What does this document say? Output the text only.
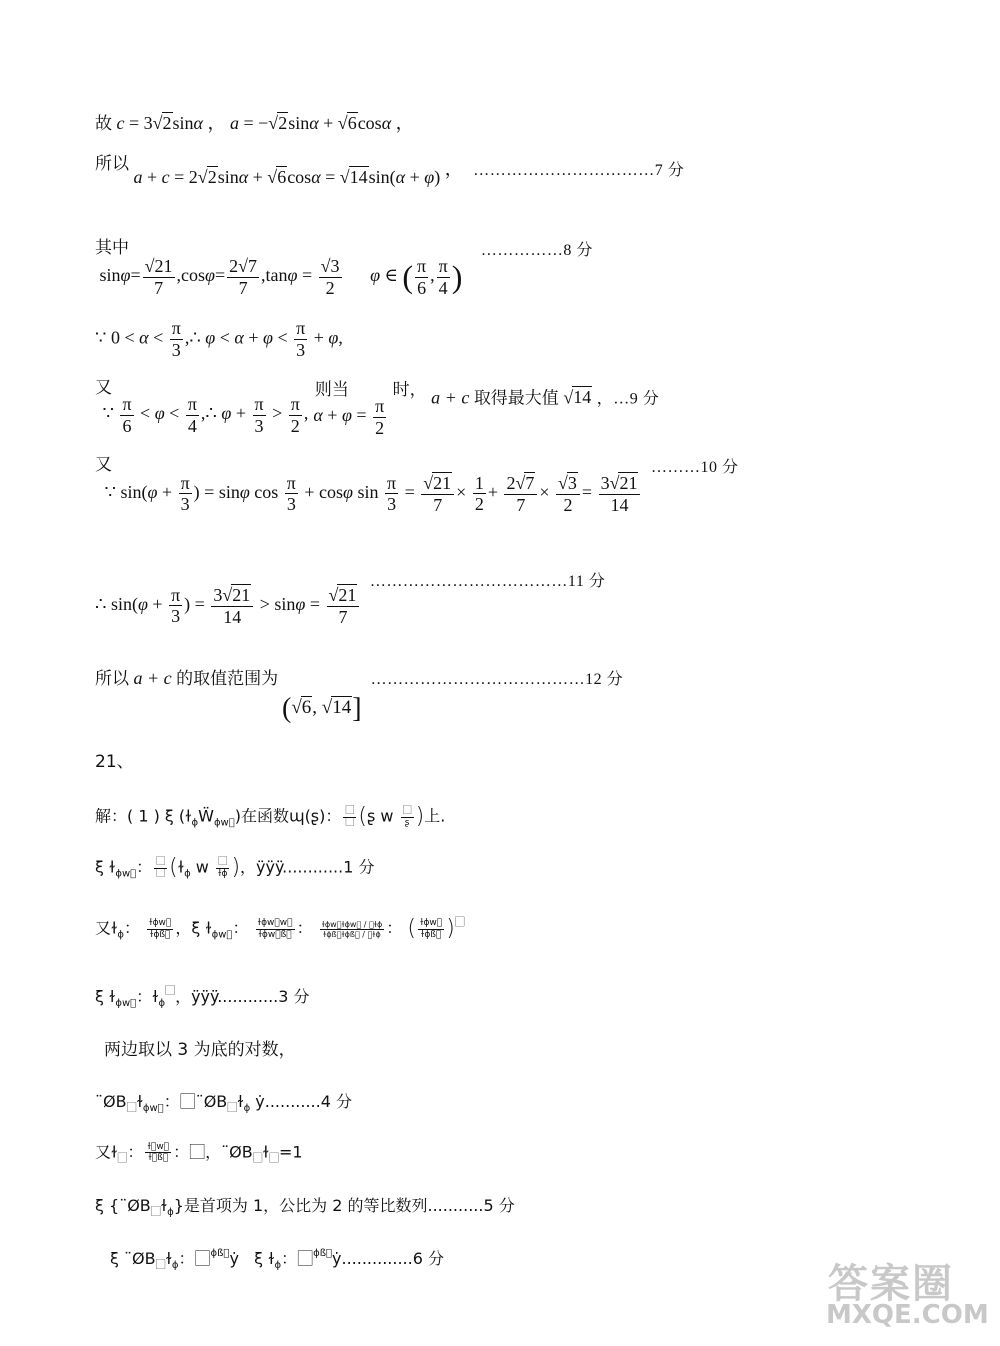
故 c = 3√2sinα ， a = −√2sinα + √6cosα ，
所以 a + c = 2√2sinα + √6cosα = √14sin(α + φ) ， ……………………………7 分
其中 $\sin\varphi= \frac{√21}{7} ,\cos\varphi= \frac{2√7}{7} ,\tan\varphi = \frac{√3}{2}$ φ ∈ ( $\frac{\pi}{6}$ , $\frac{\pi}{4}$ ) ……………8 分
∵ $0 < \alpha < \frac{\pi}{3}$ ,∴ $\varphi < \alpha + \varphi < \frac{\pi}{3} + \varphi$,
又 ∵ $\frac{\pi}{6} < \varphi < \frac{\pi}{4}$ ,∴ $\varphi + \frac{\pi}{3} > \frac{\pi}{2}$ , 则当 $\alpha + \varphi = \frac{\pi}{2}$
时， a + c 取得最大值 √14 ，…9 分
又 ∵ $\sin(\varphi + \frac{\pi}{3}$ ) = sinφ $\cos \frac{\pi}{3} + \cos\varphi$ $\sin \frac{\pi}{3} = \frac{√21}{7} \times \frac{1}{2} + \frac{2√7}{7} \times \frac{√3}{2} = \frac{3√21}{14}$
………10 分
∴ $\sin(\varphi + \frac{\pi}{3}$ ) = $\frac{3√21}{14} > \sin\varphi = \frac{√21}{7}$
………………………………11 分
所以 a + c 的取值范围为	…………………………………12 分
(√6, √14]
21、
解：( 1 ) ξ (ɫ$_\phi$Ẅ$_{\phi w⃞}$)在函数ɰ(ʂ)： $\frac{⃞}{⃞}$ (ʂ w $\frac{⃞}{\text{ʂ}}$ )上.
ξ ɫ$_{\phi w⃞}$： $\frac{⃞}{⃞}$ (ɫ$_\phi$ w $\frac{⃞}{\text{ɫϕ}}$ )，ÿÿÿ............1 分
又ɫ$_\phi$： $\frac{\text{ɫϕw⃞}}{\text{ɫϕß⃞}}$ ，ξ ɫ$_{\phi w⃞}$： $\frac{\text{ɫϕw⃞w⃞}}{\text{ɫϕw⃞ß⃞}}$ ： $\frac{\text{ɫϕw⃞ɫϕw⃞ / ⃞ɫϕ}}{\text{ɫϕß⃞ɫϕß⃞ / ⃞ɫϕ}}$ ： ( $\frac{\text{ɫϕw⃞}}{\text{ɫϕß⃞}} )^⃞$
ξ ɫ$_{\phi w⃞}$：ɫ$_\phi$⃞，ÿÿÿ............3 分
两边取以 3 为底的对数，
$¨ØB_⃞ɫ_{\phi w⃞}$：$⃞¨ØB_⃞ɫ_\phi$ ẏ...........4 分
又ɫ$_⃞$： $\frac{\text{ɫ⃞w⃞}}{\text{ɫ⃞ß⃞}}$ ：⃞，$¨ØB_⃞ɫ_⃞=1$
ξ $\{¨ØB_⃞ɫ_\phi\}$是首项为 1，公比为 2 的等比数列...........5 分
ξ $¨ØB_⃞ɫ_\phi$：⃞$^{\phi ß⃞}$ẏ   ξ ɫ$_\phi$：⃞$^{\phi ß⃞}$ẏ..............6 分
答案圈
MXQE.COM
